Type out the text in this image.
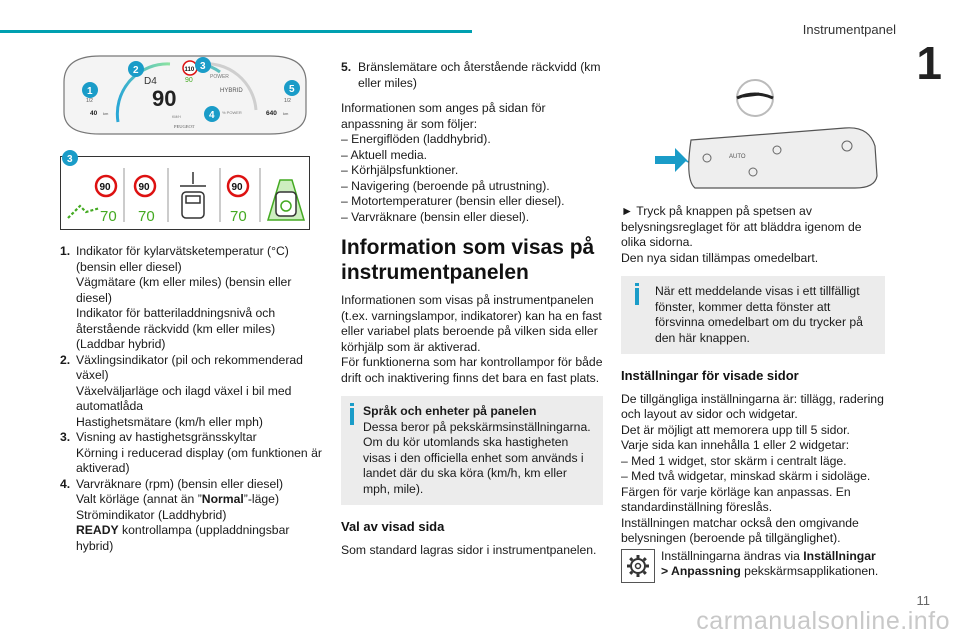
Instrumentpanel
1
90
D4
110
90	POWER
HYBRID
% POWER
KM/H
PEUGEOT
1/2	1/2
40 km	640 km
1
2	3
4
5
3
90	90	90
70 70	70
1. Indikator för kylarvätsketemperatur (°C)
(bensin eller diesel)
Vägmätare (km eller miles) (bensin eller diesel)
Indikator för batteriladdningsnivå och återstående räckvidd (km eller miles)
(Laddbar hybrid)
2. Växlingsindikator (pil och rekommenderad växel)
Växelväljarläge och ilagd växel i bil med automatlåda
Hastighetsmätare (km/h eller mph)
3. Visning av hastighetsgränsskyltar
Körning i reducerad display (om funktionen är aktiverad)
4. Varvräknare (rpm) (bensin eller diesel)
Valt körläge (annat än ”Normal”-läge)
Strömindikator (Laddhybrid)
READY kontrollampa (uppladdningsbar hybrid)
5. Bränslemätare och återstående räckvidd (km eller miles)
Informationen som anges på sidan för anpassning är som följer:
– Energiflöden (laddhybrid).
– Aktuell media.
– Körhjälpsfunktioner.
– Navigering (beroende på utrustning).
– Motortemperaturer (bensin eller diesel).
– Varvräknare (bensin eller diesel).
Information som visas på instrumentpanelen
Informationen som visas på instrumentpanelen (t.ex. varningslampor, indikatorer) kan ha en fast eller variabel plats beroende på vilken sida eller körhjälp som är aktiverad.
För funktionerna som har kontrollampor för både drift och inaktivering finns det bara en fast plats.
Språk och enheter på panelen
Dessa beror på pekskärmsinställningarna.
Om du kör utomlands ska hastigheten visas i den officiella enhet som används i landet där du ska köra (km/h, km eller mph, mile).
Val av visad sida
Som standard lagras sidor i instrumentpanelen.
AUTO
► Tryck på knappen på spetsen av belysningsreglaget för att bläddra igenom de olika sidorna.
Den nya sidan tillämpas omedelbart.
När ett meddelande visas i ett tillfälligt fönster, kommer detta fönster att försvinna omedelbart om du trycker på den här knappen.
Inställningar för visade sidor
De tillgängliga inställningarna är: tillägg, radering och layout av sidor och widgetar.
Det är möjligt att memorera upp till 5 sidor.
Varje sida kan innehålla 1 eller 2 widgetar:
– Med 1 widget, stor skärm i centralt läge.
– Med två widgetar, minskad skärm i sidoläge.
Färgen för varje körläge kan anpassas. En standardinställning föreslås.
Inställningen matchar också den omgivande belysningen (beroende på tillgänglighet).
Inställningarna ändras via Inställningar > Anpassning pekskärmsapplikationen.
11
carmanualsonline.info
